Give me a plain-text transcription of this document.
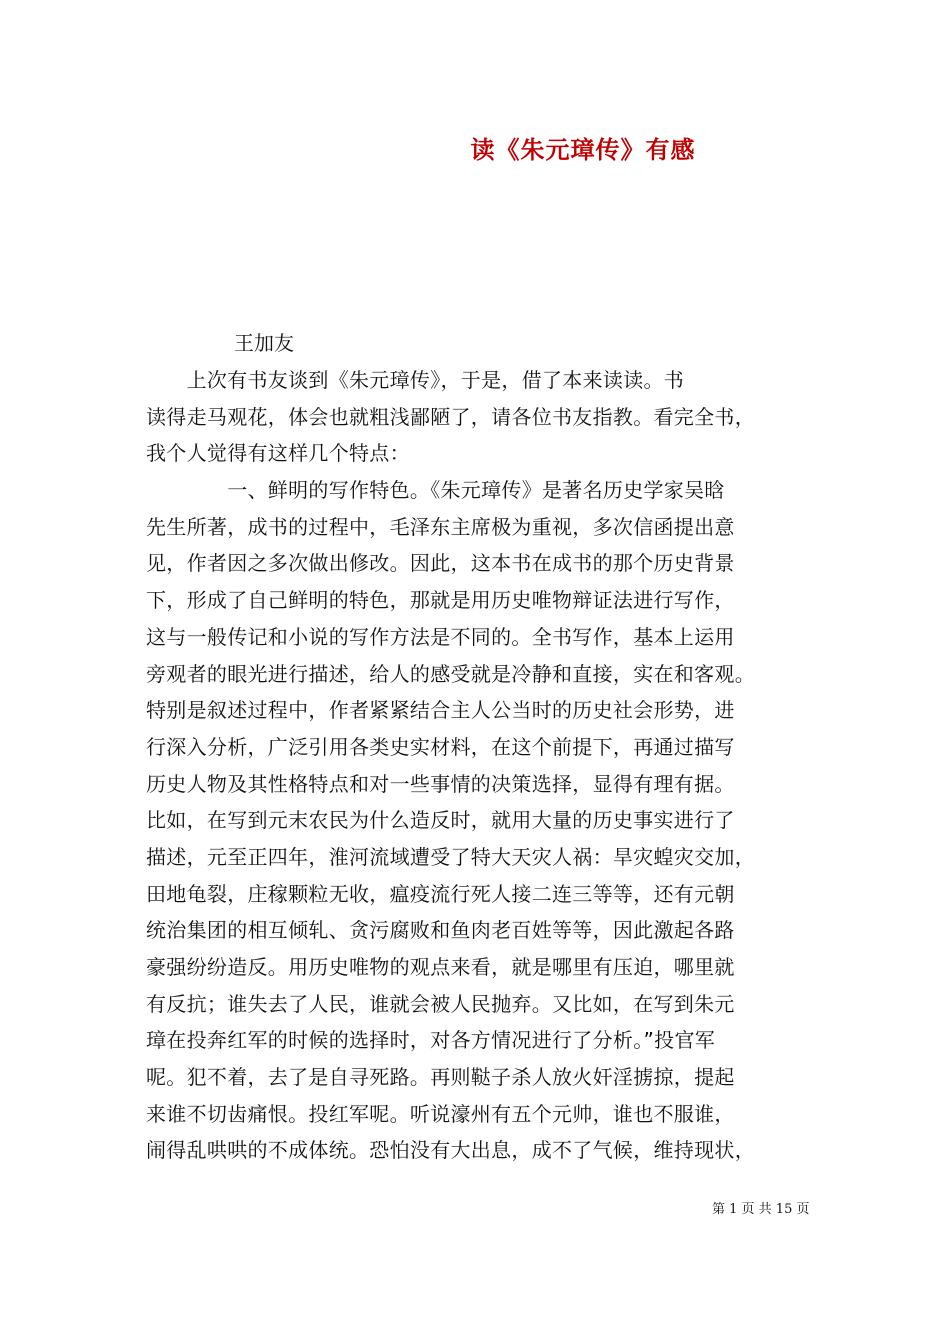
读《朱元璋传》有感
王加友
　　上次有书友谈到《朱元璋传》，于是，借了本来读读。书
读得走马观花，体会也就粗浅鄙陋了，请各位书友指教。看完全书，
我个人觉得有这样几个特点：
　　　　一、鲜明的写作特色。《朱元璋传》是著名历史学家吴晗
先生所著，成书的过程中，毛泽东主席极为重视，多次信函提出意
见，作者因之多次做出修改。因此，这本书在成书的那个历史背景
下，形成了自己鲜明的特色，那就是用历史唯物辩证法进行写作，
这与一般传记和小说的写作方法是不同的。全书写作，基本上运用
旁观者的眼光进行描述，给人的感受就是冷静和直接，实在和客观。
特别是叙述过程中，作者紧紧结合主人公当时的历史社会形势，进
行深入分析，广泛引用各类史实材料，在这个前提下，再通过描写
历史人物及其性格特点和对一些事情的决策选择，显得有理有据。
比如，在写到元末农民为什么造反时，就用大量的历史事实进行了
描述，元至正四年，淮河流域遭受了特大天灾人祸：旱灾蝗灾交加，
田地龟裂，庄稼颗粒无收，瘟疫流行死人接二连三等等，还有元朝
统治集团的相互倾轧、贪污腐败和鱼肉老百姓等等，因此激起各路
豪强纷纷造反。用历史唯物的观点来看，就是哪里有压迫，哪里就
有反抗；谁失去了人民，谁就会被人民抛弃。又比如，在写到朱元
璋在投奔红军的时候的选择时，对各方情况进行了分析。”投官军
呢。犯不着，去了是自寻死路。再则鞑子杀人放火奸淫掳掠，提起
来谁不切齿痛恨。投红军呢。听说濠州有五个元帅，谁也不服谁，
闹得乱哄哄的不成体统。恐怕没有大出息，成不了气候，维持现状，
第 1 页 共 15 页
